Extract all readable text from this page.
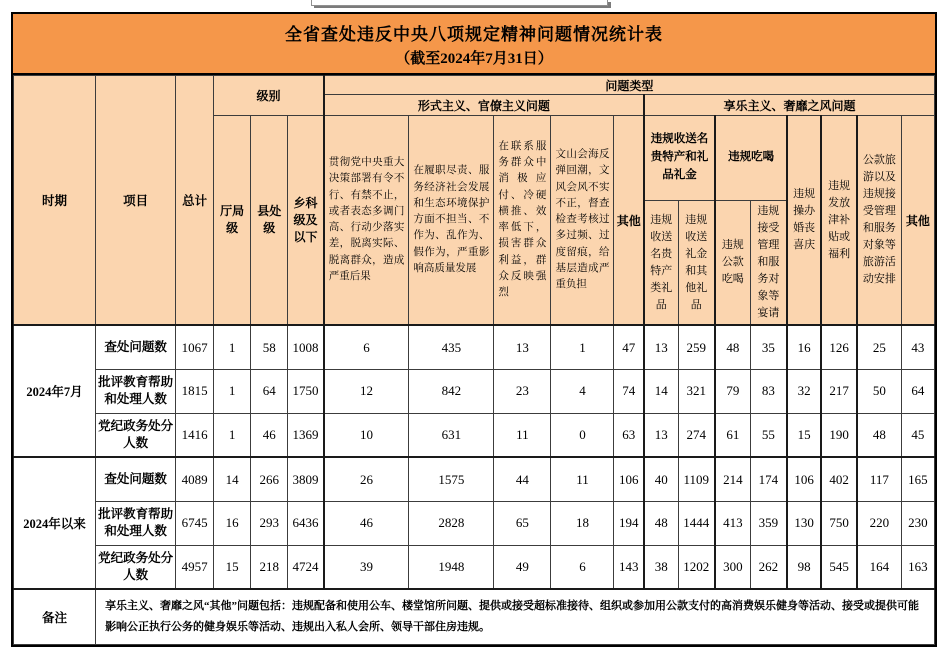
全省查处违反中央八项规定精神问题情况统计表
（截至2024年7月31日）
时期	项目	总计	级别			问题类型												
						形式主义、官僚主义问题					享乐主义、奢靡之风问题							
			厅局级	县处级	乡科级及以下	贯彻党中央重大决策部署有令不行、有禁不止，或者表态多调门高、行动少落实差，脱离实际、脱离群众，造成严重后果	在履职尽责、服务经济社会发展和生态环境保护方面不担当、不作为、乱作为、假作为，严重影响高质量发展	在联系服务群众中消极应付、冷硬横推、效率低下，损害群众利益，群众反映强烈	文山会海反弹回潮，文风会风不实不正，督查检查考核过多过频、过度留痕，给基层造成严重负担	其他	违规收送名贵特产和礼品礼金		违规吃喝		违规操办婚丧喜庆	违规发放津补贴或福利	公款旅游以及违规接受管理和服务对象等旅游活动安排	其他
											违规收送名贵特产类礼品	违规收送礼金和其他礼品	违规公款吃喝	违规接受管理和服务对象等宴请				
2024年7月	查处问题数	1067	1	58	1008	6	435	13	1	47	13	259	48	35	16	126	25	43
	批评教育帮助和处理人数	1815	1	64	1750	12	842	23	4	74	14	321	79	83	32	217	50	64
	党纪政务处分人数	1416	1	46	1369	10	631	11	0	63	13	274	61	55	15	190	48	45
2024年以来	查处问题数	4089	14	266	3809	26	1575	44	11	106	40	1109	214	174	106	402	117	165
	批评教育帮助和处理人数	6745	16	293	6436	46	2828	65	18	194	48	1444	413	359	130	750	220	230
	党纪政务处分人数	4957	15	218	4724	39	1948	49	6	143	38	1202	300	262	98	545	164	163
备注	享乐主义、奢靡之风“其他”问题包括：违规配备和使用公车、楼堂馆所问题、提供或接受超标准接待、组织或参加用公款支付的高消费娱乐健身等活动、接受或提供可能影响公正执行公务的健身娱乐等活动、违规出入私人会所、领导干部住房违规。																	
